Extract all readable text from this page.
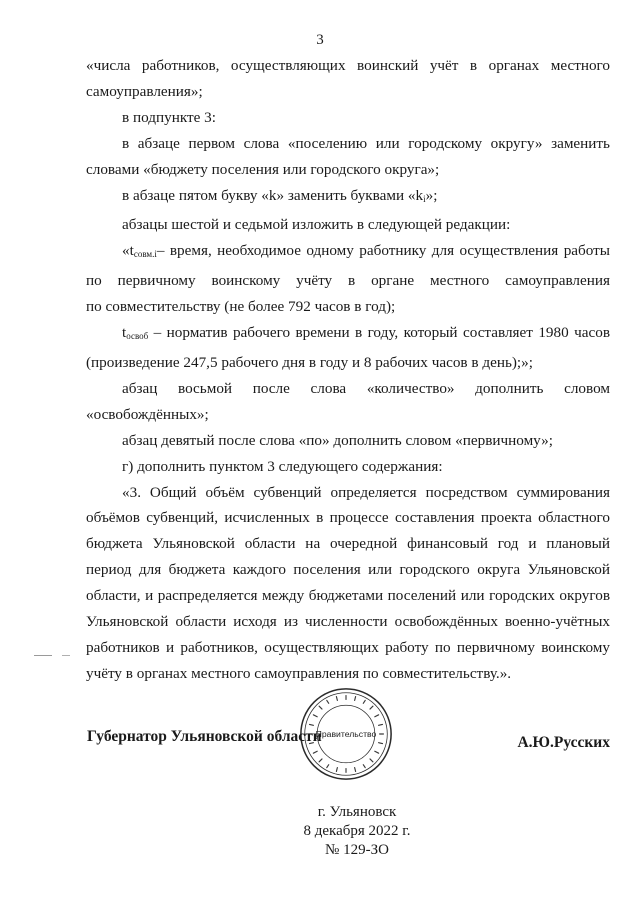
3

«числа работников, осуществляющих воинский учёт в органах местного

самоуправления»;

в подпункте 3:

в абзаце первом слова «поселению или городскому округу» заменить

словами «бюджету поселения или городского округа»;

в абзаце пятом букву «k» заменить буквами «$k_i$»;

абзацы шестой и седьмой изложить в следующей редакции:

«$t_{совм.i}-$ время, необходимое одному работнику для осуществления работы

по первичному воинскому учёту в органе местного самоуправления

по совместительству (не более 792 часов в год);

$t_{освоб}$ – норматив рабочего времени в году, который составляет 1980 часов

(произведение 247,5 рабочего дня в году и 8 рабочих часов в день);»;

абзац восьмой после слова «количество» дополнить словом

«освобождённых»;

абзац девятый после слова «по» дополнить словом «первичному»;

г) дополнить пунктом 3 следующего содержания:

«3. Общий объём субвенций определяется посредством суммирования

объёмов субвенций, исчисленных в процессе составления проекта областного

бюджета Ульяновской области на очередной финансовый год и плановый

период для бюджета каждого поселения или городского округа Ульяновской

области, и распределяется между бюджетами поселений или городских округов

Ульяновской области исходя из численности освобождённых военно-учётных

работников и работников, осуществляющих работу по первичному воинскому

учёту в органах местного самоуправления по совместительству.».

Правительство
Губернатор Ульяновской области	А.Ю.Русских
г. Ульяновск
8 декабря 2022 г.
№ 129-ЗО
